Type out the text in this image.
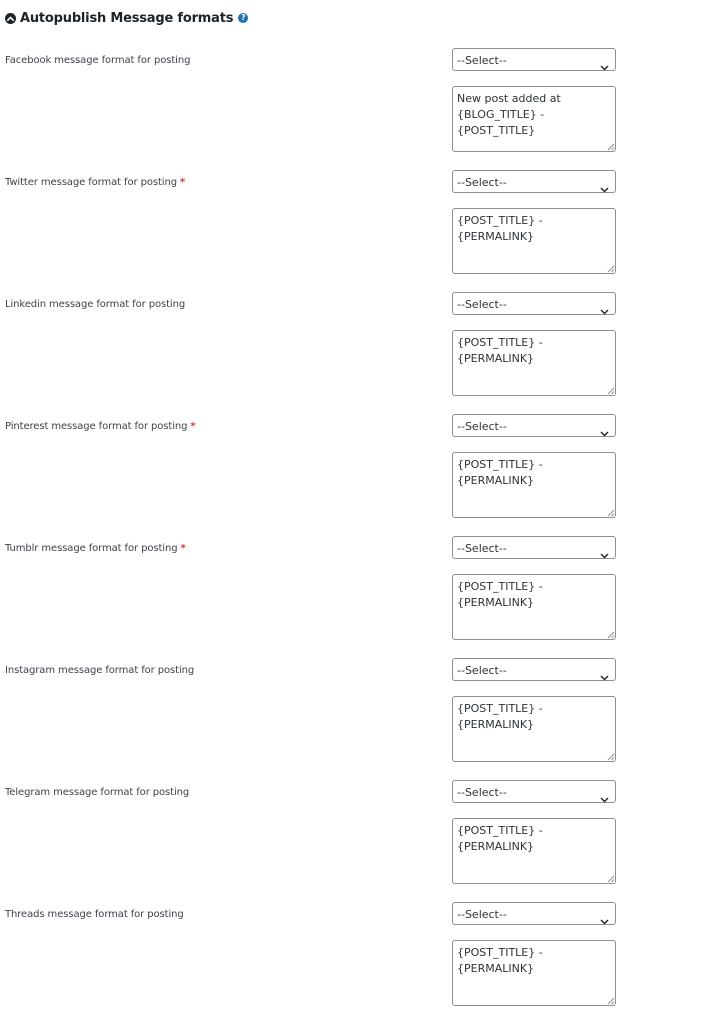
Autopublish Message formats ?
Facebook message format for posting	--Select--
New post added at {BLOG_TITLE} - {POST_TITLE}
Twitter message format for posting *	--Select--
{POST_TITLE} - {PERMALINK}
Linkedin message format for posting	--Select--
{POST_TITLE} - {PERMALINK}
Pinterest message format for posting *	--Select--
{POST_TITLE} - {PERMALINK}
Tumblr message format for posting *	--Select--
{POST_TITLE} - {PERMALINK}
Instagram message format for posting	--Select--
{POST_TITLE} - {PERMALINK}
Telegram message format for posting	--Select--
{POST_TITLE} - {PERMALINK}
Threads message format for posting	--Select--
{POST_TITLE} - {PERMALINK}
